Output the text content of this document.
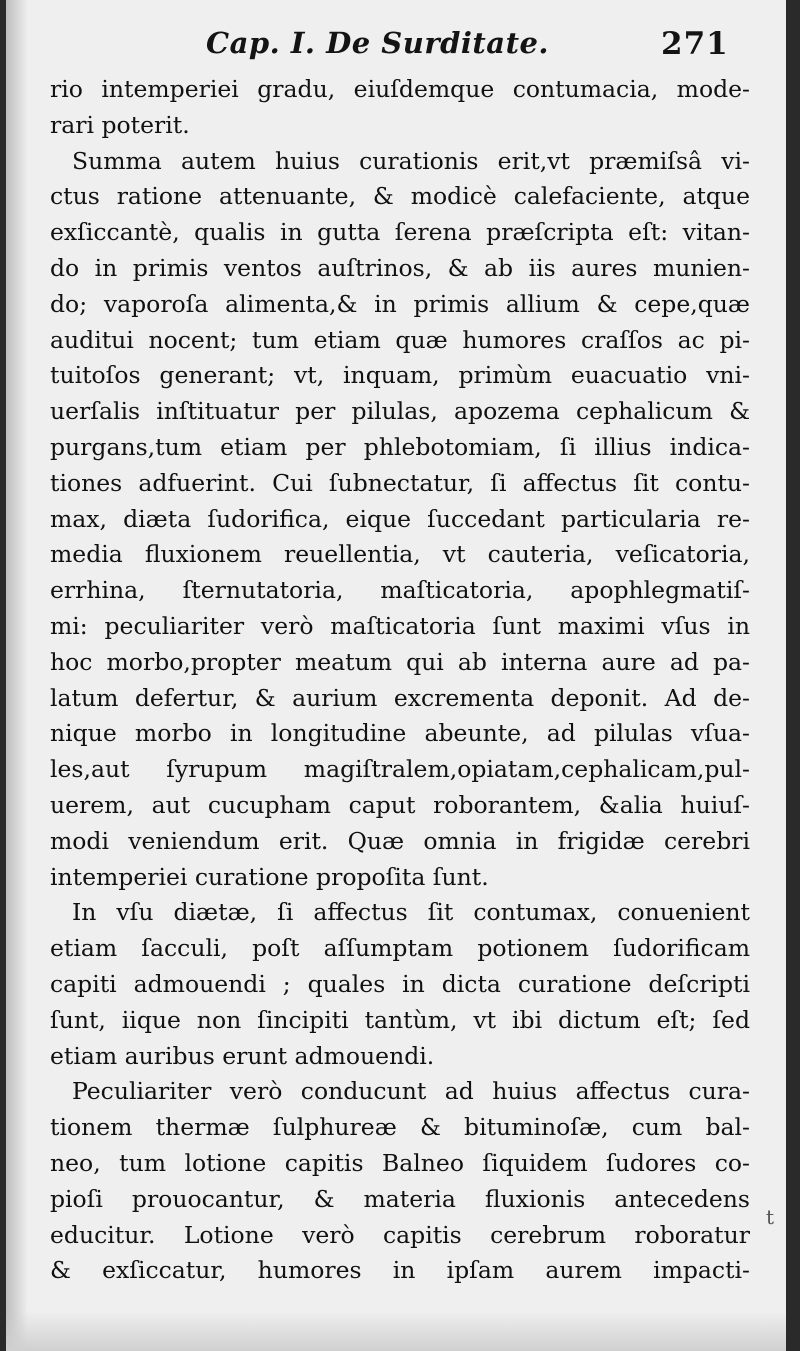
Cap. I. De Surditate.	271
rio intemperiei gradu, eiuſdemque contumacia, mode-
rari poterit.
Summa autem huius curationis erit,vt præmiſsâ vi-
ctus ratione attenuante, & modicè calefaciente, atque
exſiccantè, qualis in gutta ſerena præſcripta eſt: vitan-
do in primis ventos auſtrinos, & ab iis aures munien-
do; vaporoſa alimenta,& in primis allium & cepe,quæ
auditui nocent; tum etiam quæ humores craſſos ac pi-
tuitoſos generant; vt, inquam, primùm euacuatio vni-
uerſalis inſtituatur per pilulas, apozema cephalicum &
purgans,tum etiam per phlebotomiam, ſi illius indica-
tiones adfuerint. Cui ſubnectatur, ſi affectus ſit contu-
max, diæta ſudorifica, eique ſuccedant particularia re-
media fluxionem reuellentia, vt cauteria, veſicatoria,
errhina, ſternutatoria, maſticatoria, apophlegmatiſ-
mi: peculiariter verò maſticatoria ſunt maximi vſus in
hoc morbo,propter meatum qui ab interna aure ad pa-
latum defertur, & aurium excrementa deponit. Ad de-
nique morbo in longitudine abeunte, ad pilulas vſua-
les,aut ſyrupum magiſtralem,opiatam,cephalicam,pul-
uerem, aut cucupham caput roborantem, &alia huiuſ-
modi veniendum erit. Quæ omnia in frigidæ cerebri
intemperiei curatione propoſita ſunt.
In vſu diætæ, ſi affectus ſit contumax, conuenient
etiam ſacculi, poſt aſſumptam potionem ſudorificam
capiti admouendi ; quales in dicta curatione deſcripti
ſunt, iique non ſincipiti tantùm, vt ibi dictum eſt; ſed
etiam auribus erunt admouendi.
Peculiariter verò conducunt ad huius affectus cura-
tionem thermæ ſulphureæ & bituminoſæ, cum bal-
neo, tum lotione capitis Balneo ſiquidem ſudores co-
pioſi prouocantur, & materia fluxionis antecedens
educitur. Lotione verò capitis cerebrum roboratur
& exſiccatur, humores in ipſam aurem impacti-
t
